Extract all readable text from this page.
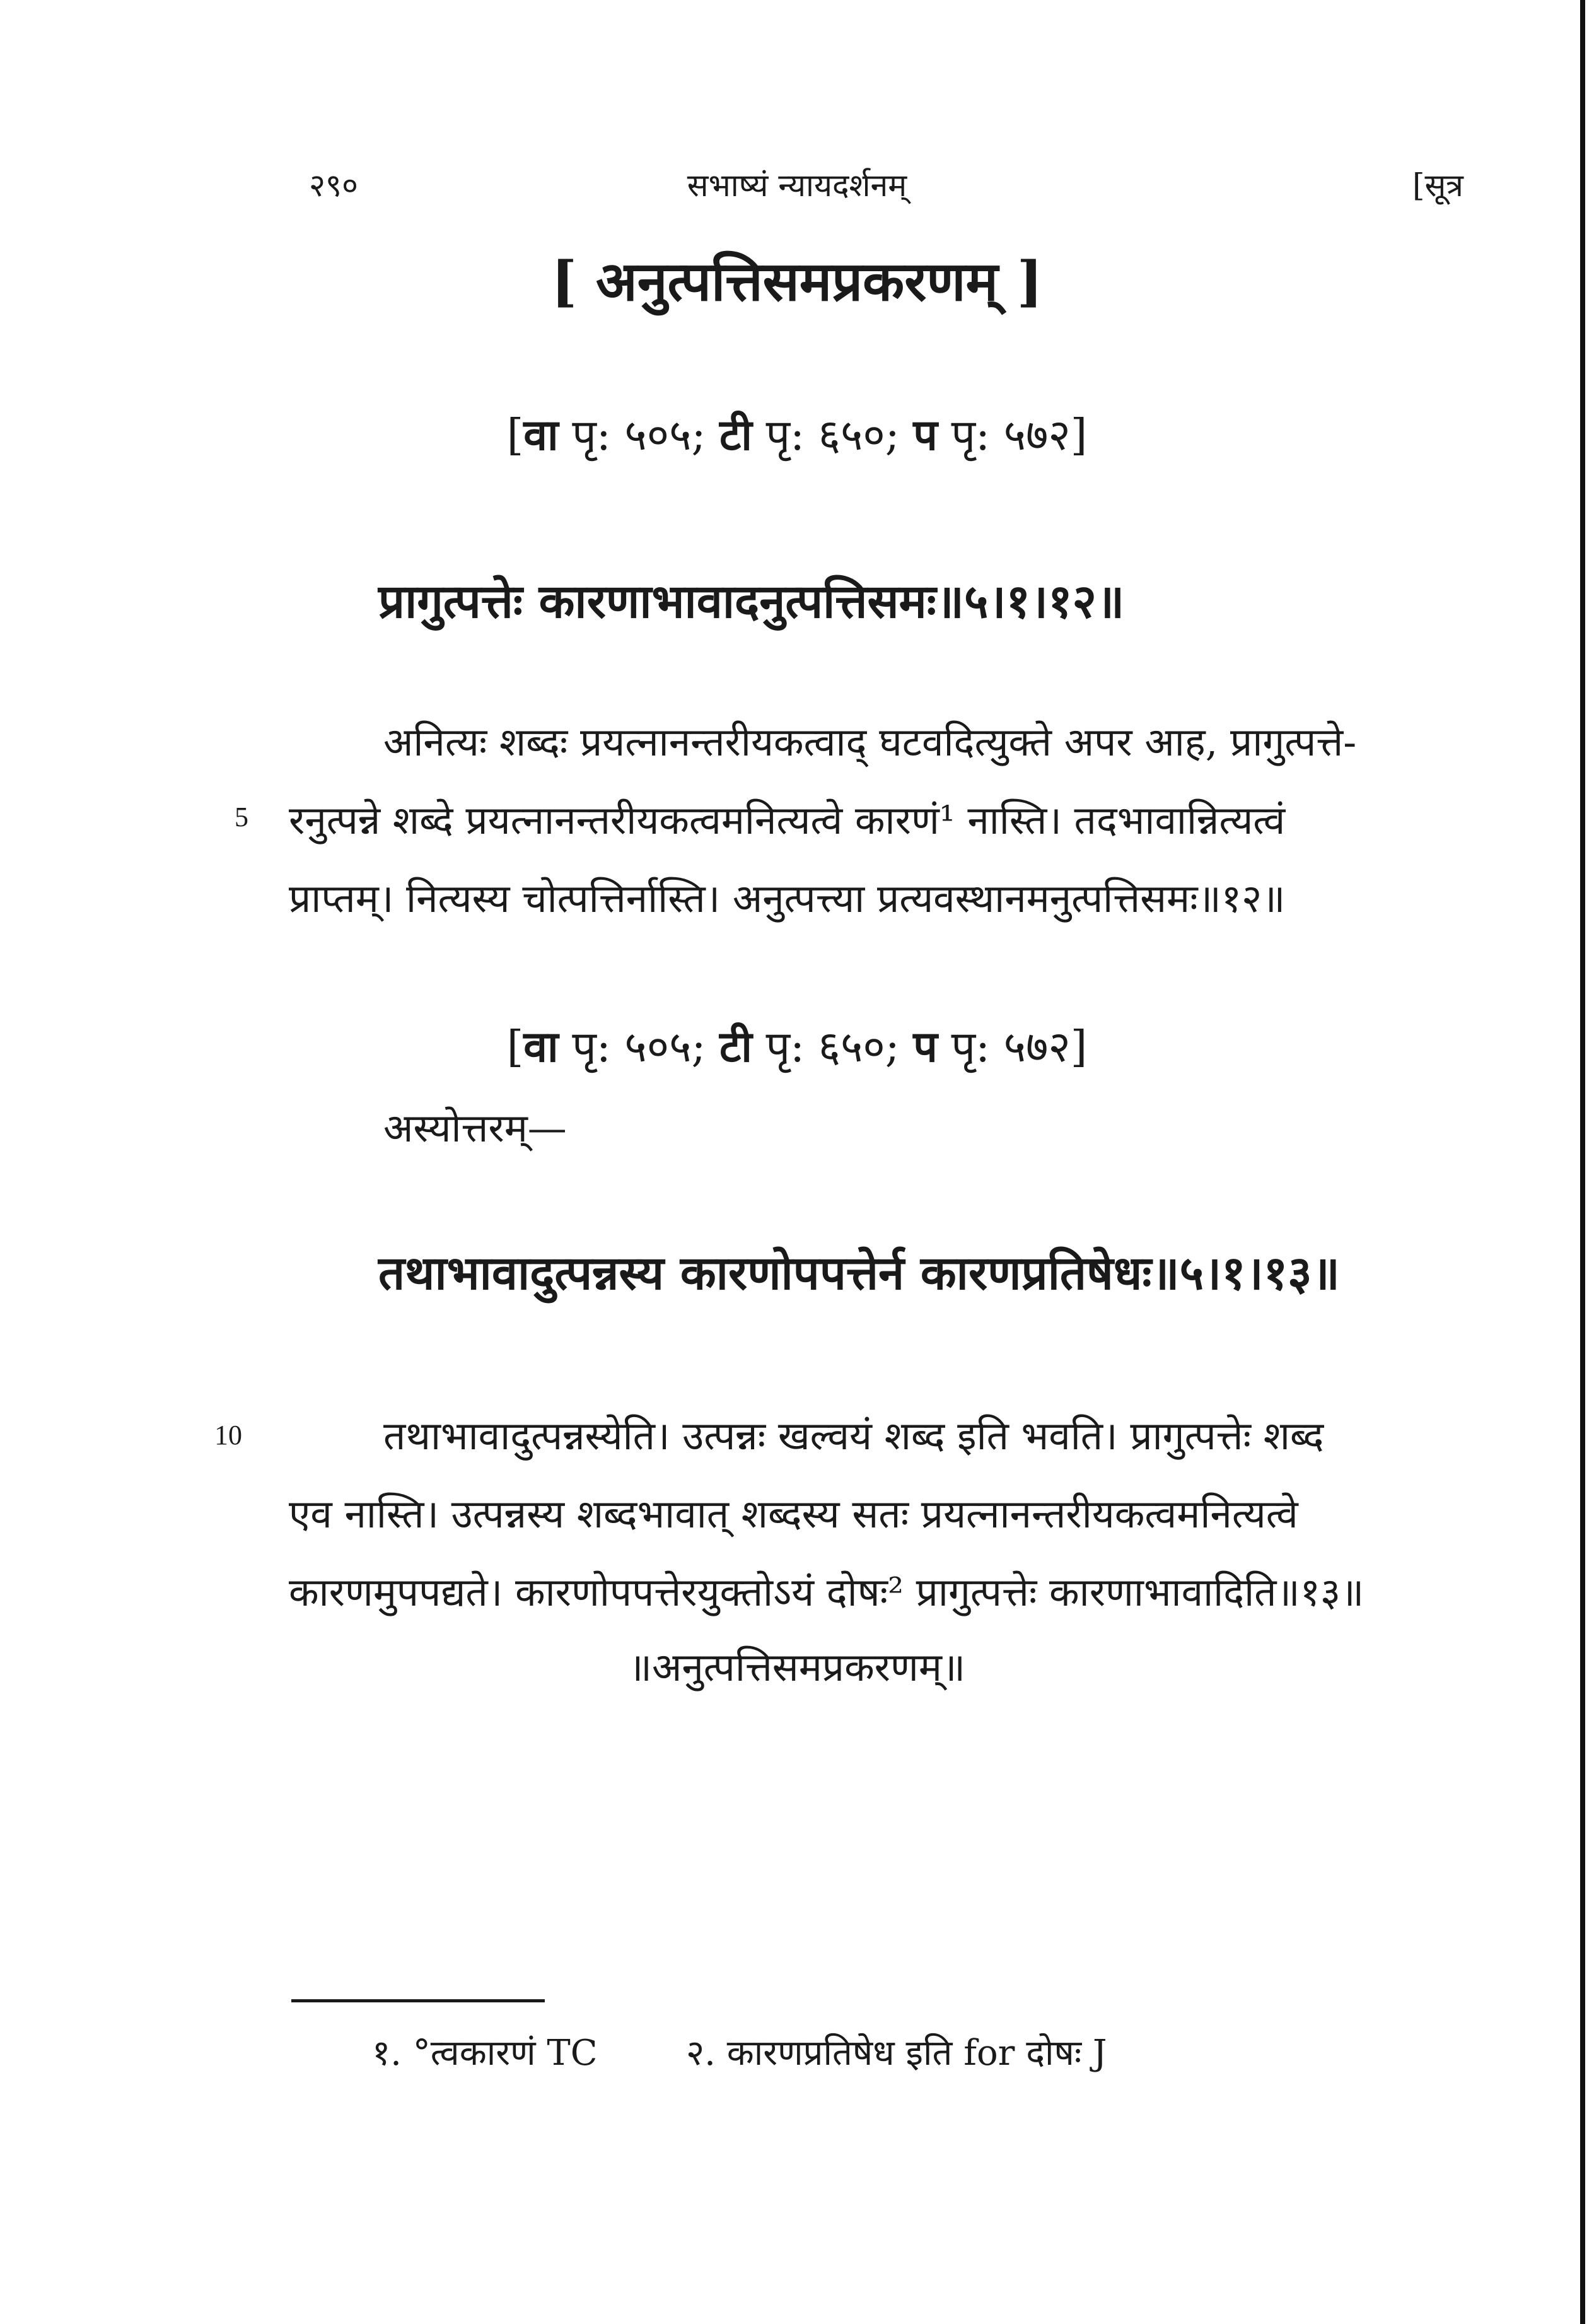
२९०	सभाष्यं न्यायदर्शनम्	[सूत्र
[ अनुत्पत्तिसमप्रकरणम् ]
[वा पृ: ५०५; टी पृ: ६५०; प पृ: ५७२]
प्रागुत्पत्तेः कारणाभावादनुत्पत्तिसमः॥५।१।१२॥

अनित्यः शब्दः प्रयत्नानन्तरीयकत्वाद् घटवदित्युक्ते अपर आह, प्रागुत्पत्ते-

रनुत्पन्ने शब्दे प्रयत्नानन्तरीयकत्वमनित्यत्वे कारणं¹ नास्ति। तदभावान्नित्यत्वं

प्राप्तम्। नित्यस्य चोत्पत्तिर्नास्ति। अनुत्पत्त्या प्रत्यवस्थानमनुत्पत्तिसमः॥१२॥

5
[वा पृ: ५०५; टी पृ: ६५०; प पृ: ५७२]
अस्योत्तरम्—
तथाभावादुत्पन्नस्य कारणोपपत्तेर्न कारणप्रतिषेधः॥५।१।१३॥

तथाभावादुत्पन्नस्येति। उत्पन्नः खल्वयं शब्द इति भवति। प्रागुत्पत्तेः शब्द

एव नास्ति। उत्पन्नस्य शब्दभावात् शब्दस्य सतः प्रयत्नानन्तरीयकत्वमनित्यत्वे

कारणमुपपद्यते। कारणोपपत्तेरयुक्तोऽयं दोषः² प्रागुत्पत्तेः कारणाभावादिति॥१३॥

10
॥अनुत्पत्तिसमप्रकरणम्॥
१. °त्वकारणं TC	२. कारणप्रतिषेध इति for दोषः J
